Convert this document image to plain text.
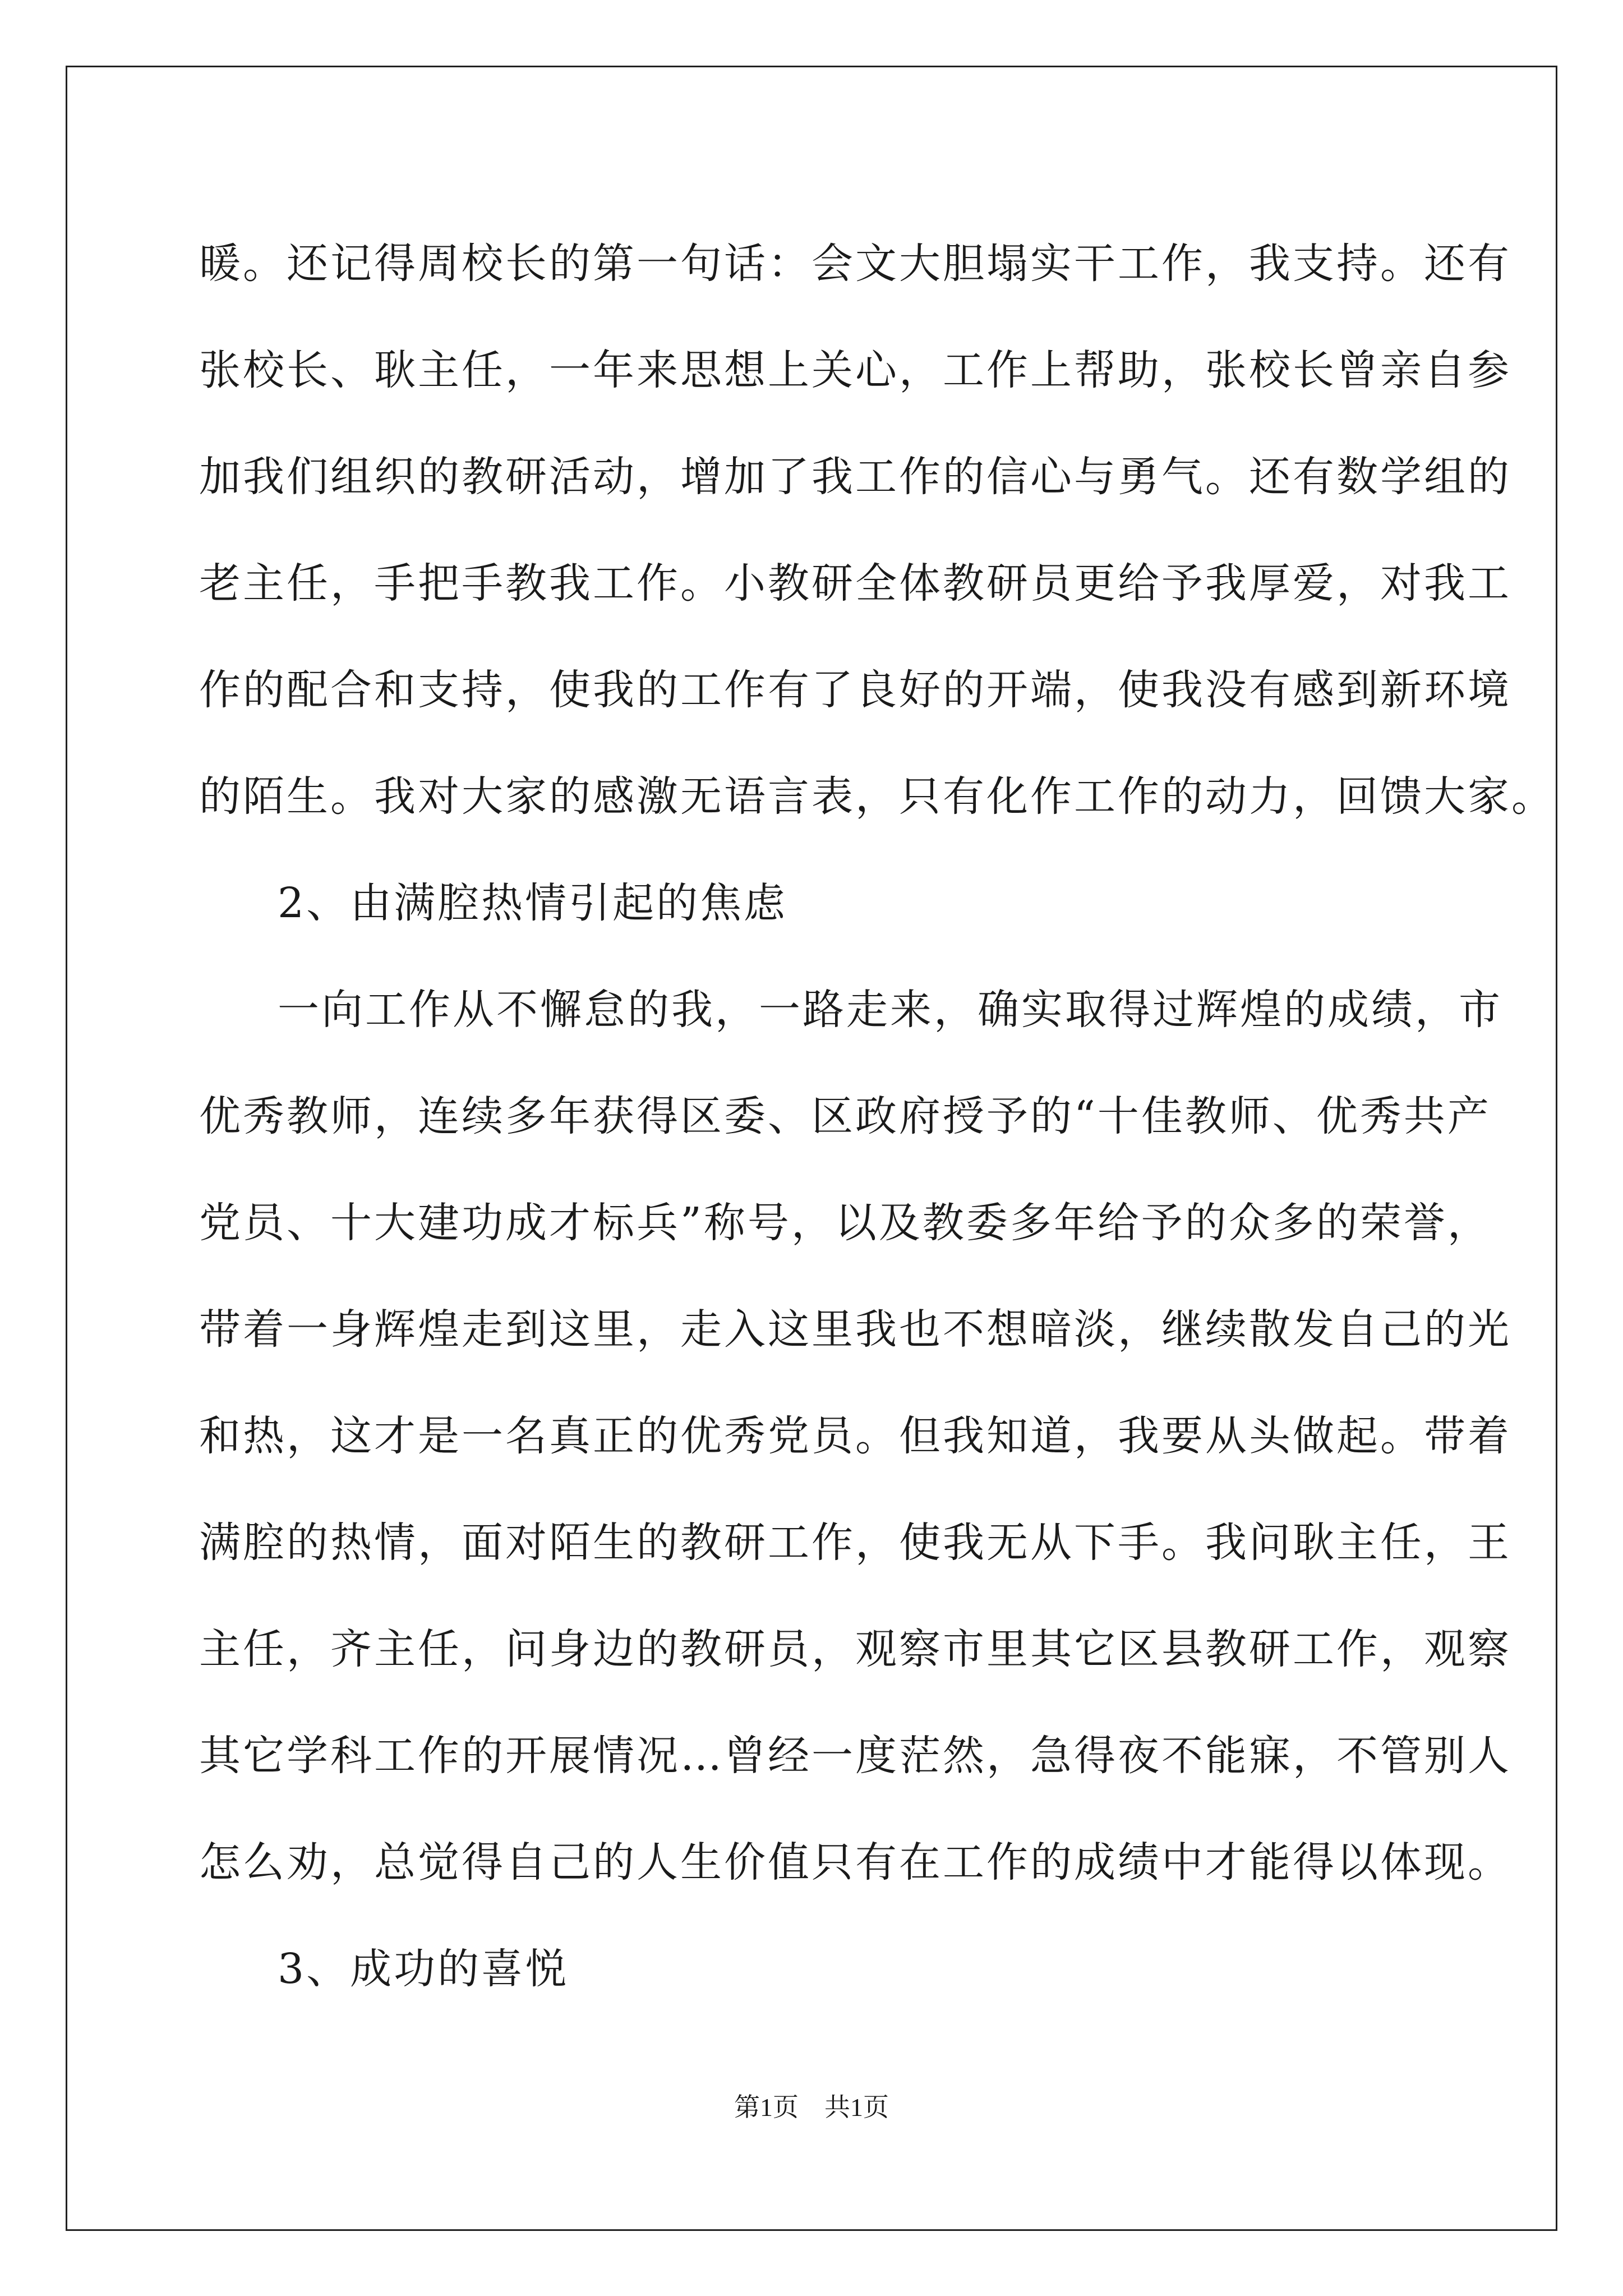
暖。还记得周校长的第一句话：会文大胆塌实干工作，我支持。还有
张校长、耿主任，一年来思想上关心，工作上帮助，张校长曾亲自参
加我们组织的教研活动，增加了我工作的信心与勇气。还有数学组的
老主任，手把手教我工作。小教研全体教研员更给予我厚爱，对我工
作的配合和支持，使我的工作有了良好的开端，使我没有感到新环境
的陌生。我对大家的感激无语言表，只有化作工作的动力，回馈大家。
2、由满腔热情引起的焦虑
一向工作从不懈怠的我，一路走来，确实取得过辉煌的成绩，市
优秀教师，连续多年获得区委、区政府授予的“十佳教师、优秀共产
党员、十大建功成才标兵”称号，以及教委多年给予的众多的荣誉，
带着一身辉煌走到这里，走入这里我也不想暗淡，继续散发自己的光
和热，这才是一名真正的优秀党员。但我知道，我要从头做起。带着
满腔的热情，面对陌生的教研工作，使我无从下手。我问耿主任，王
主任，齐主任，问身边的教研员，观察市里其它区县教研工作，观察
其它学科工作的开展情况…曾经一度茫然，急得夜不能寐，不管别人
怎么劝，总觉得自己的人生价值只有在工作的成绩中才能得以体现。
3、成功的喜悦
第1页　共1页
